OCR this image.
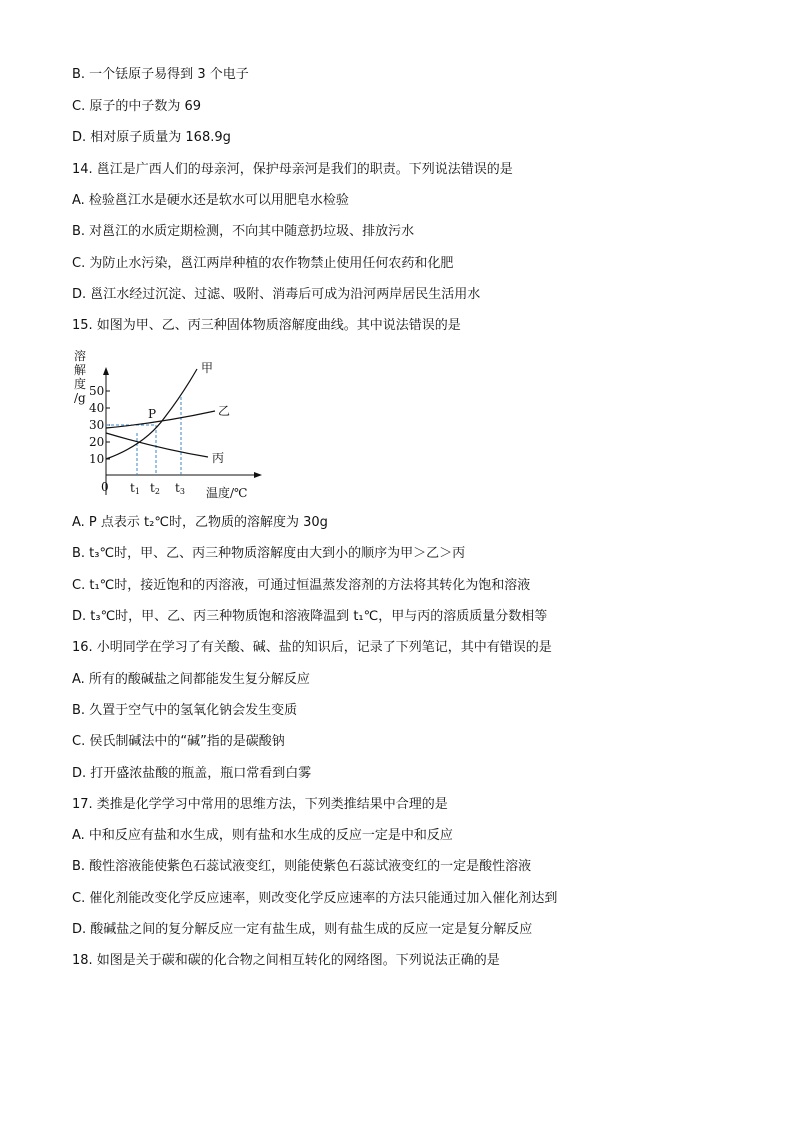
B. 一个铥原子易得到 3 个电子
C. 原子的中子数为 69
D. 相对原子质量为 168.9g
14. 邕江是广西人们的母亲河，保护母亲河是我们的职责。下列说法错误的是
A. 检验邕江水是硬水还是软水可以用肥皂水检验
B. 对邕江的水质定期检测，不向其中随意扔垃圾、排放污水
C. 为防止水污染，邕江两岸种植的农作物禁止使用任何农药和化肥
D. 邕江水经过沉淀、过滤、吸附、消毒后可成为沿河两岸居民生活用水
15. 如图为甲、乙、丙三种固体物质溶解度曲线。其中说法错误的是
A. P 点表示 t₂℃时，乙物质的溶解度为 30g
B. t₃℃时，甲、乙、丙三种物质溶解度由大到小的顺序为甲＞乙＞丙
C. t₁℃时，接近饱和的丙溶液，可通过恒温蒸发溶剂的方法将其转化为饱和溶液
D. t₃℃时，甲、乙、丙三种物质饱和溶液降温到 t₁℃，甲与丙的溶质质量分数相等
16. 小明同学在学习了有关酸、碱、盐的知识后，记录了下列笔记，其中有错误的是
A. 所有的酸碱盐之间都能发生复分解反应
B. 久置于空气中的氢氧化钠会发生变质
C. 侯氏制碱法中的“碱”指的是碳酸钠
D. 打开盛浓盐酸的瓶盖，瓶口常看到白雾
17. 类推是化学学习中常用的思维方法，下列类推结果中合理的是
A. 中和反应有盐和水生成，则有盐和水生成的反应一定是中和反应
B. 酸性溶液能使紫色石蕊试液变红，则能使紫色石蕊试液变红的一定是酸性溶液
C. 催化剂能改变化学反应速率，则改变化学反应速率的方法只能通过加入催化剂达到
D. 酸碱盐之间的复分解反应一定有盐生成，则有盐生成的反应一定是复分解反应
18. 如图是关于碳和碳的化合物之间相互转化的网络图。下列说法正确的是
溶
解
度
/g
10
20
30
40
50
0
P
甲
乙
丙
t1 t2 t3 温度/℃
